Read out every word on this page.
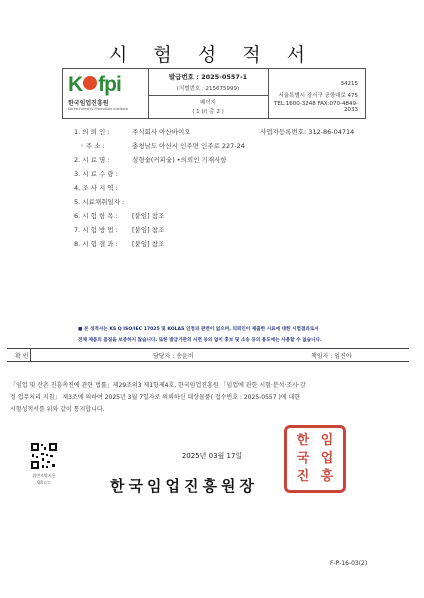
시 험 성 적 서
K fpi
한국임업진흥원
Korea Forestry Promotion Institute
발급번호 : 2025-0557-1
(식별번호 : 215675999)
페이지
( 1 )/( 총 2 )
34215
서울특별시 강서구 공항대로 475
TEL:1600-3248 FAX:070-4849-2033
1. 의 뢰 인 :	주식회사 아산바이오	사업자등록번호: 312-86-04714
◦ 주 소 :	충청남도 아산시 인주면 인주로 227-24
2. 시 료 명 :	성형숯(커피숯) •의뢰인 기재사항
3. 시 료 수 량 :
4. 조 사 지 역 :
5. 시료채취일자 :
6. 시 험 항 목 : [붙임] 참조
7. 시 험 방 법 : [붙임] 참조
8. 시 험 결 과 : [붙임] 참조
■ 본 성적서는 KS Q ISO/IEC 17025 및 KOLAS 인정과 관련이 없으며, 의뢰인이 제출한 시료에 대한 시험결과로서
전체 제품의 품질을 보증하지 않습니다. 또한 발급기관의 서면 동의 없이 홍보 및 소송 등의 용도에는 사용할 수 없습니다.
확 인	담당자 : 송윤비	책임자 : 임진아
「임업 및 산촌 진흥촉진에 관한 법률」제29조의3 제1항제4호, 한국임업진흥원 「임업에 관한 시험·분석·조사·감
정 업무처리 지침」 제3조에 의하여 2025년 3월 7일자로 의뢰하신 대상물품( 접수번호 : 2025-0557 )에 대한
시험성적서를 위와 같이 통지합니다.
2025년 03월 17일
한국임업진흥원장
한 임
국 업
진 흥
위변조방지용
QR코드
F-P-16-03(2)
